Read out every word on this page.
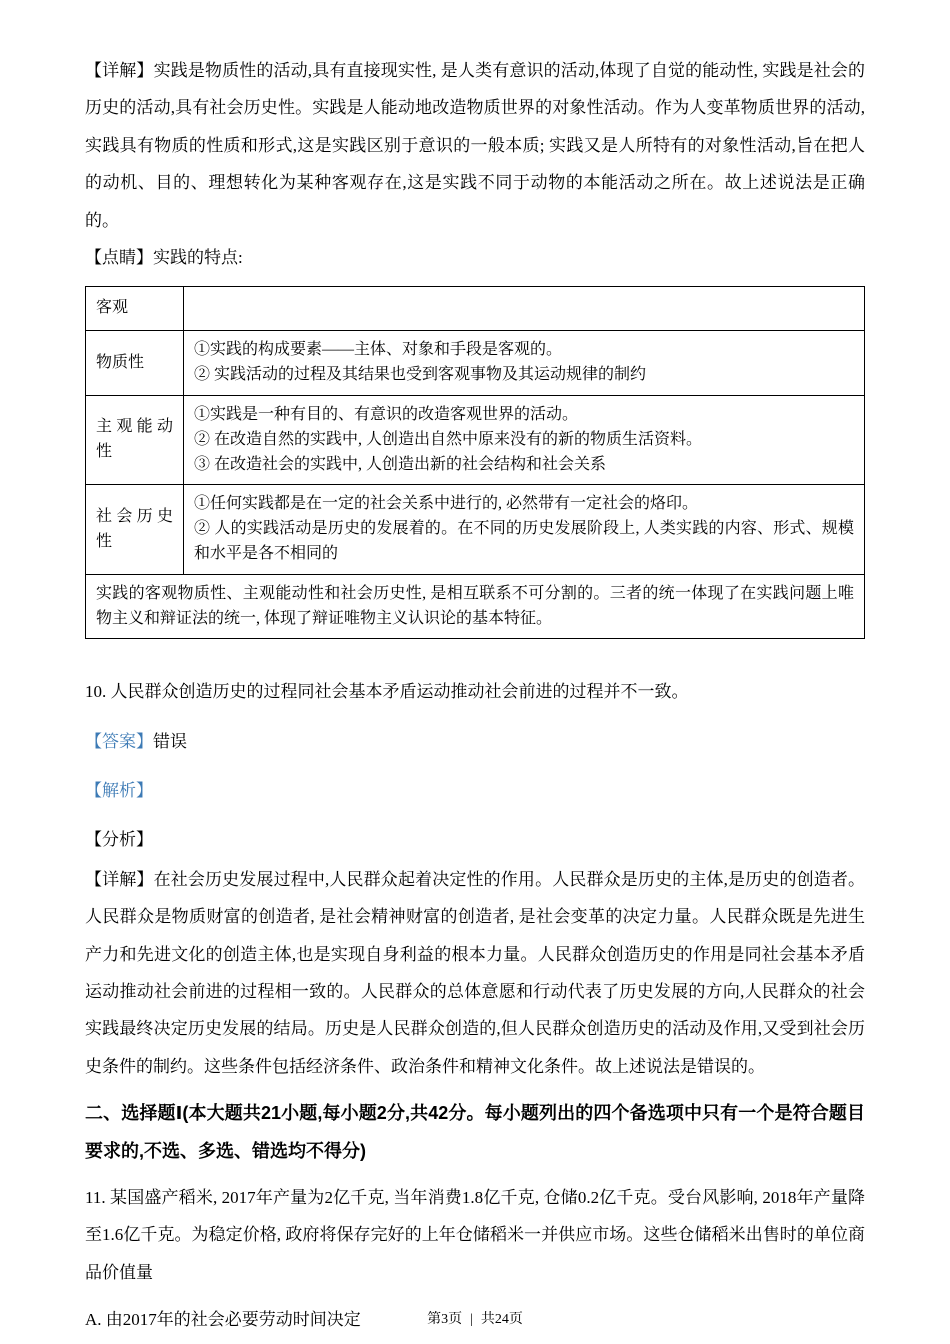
【详解】实践是物质性的活动,具有直接现实性, 是人类有意识的活动,体现了自觉的能动性, 实践是社会的历史的活动,具有社会历史性。实践是人能动地改造物质世界的对象性活动。作为人变革物质世界的活动,实践具有物质的性质和形式,这是实践区别于意识的一般本质; 实践又是人所特有的对象性活动,旨在把人的动机、目的、理想转化为某种客观存在,这是实践不同于动物的本能活动之所在。故上述说法是正确的。

【点睛】实践的特点:

客观	

物质性	①实践的构成要素——主体、对象和手段是客观的。
② 实践活动的过程及其结果也受到客观事物及其运动规律的制约

主观能动性	①实践是一种有目的、有意识的改造客观世界的活动。
② 在改造自然的实践中, 人创造出自然中原来没有的新的物质生活资料。
③ 在改造社会的实践中, 人创造出新的社会结构和社会关系

社会历史性	①任何实践都是在一定的社会关系中进行的, 必然带有一定社会的烙印。
② 人的实践活动是历史的发展着的。在不同的历史发展阶段上, 人类实践的内容、形式、规模和水平是各不相同的

实践的客观物质性、主观能动性和社会历史性, 是相互联系不可分割的。三者的统一体现了在实践问题上唯物主义和辩证法的统一, 体现了辩证唯物主义认识论的基本特征。	

10. 人民群众创造历史的过程同社会基本矛盾运动推动社会前进的过程并不一致。

【答案】错误

【解析】

【分析】

【详解】在社会历史发展过程中,人民群众起着决定性的作用。人民群众是历史的主体,是历史的创造者。人民群众是物质财富的创造者, 是社会精神财富的创造者, 是社会变革的决定力量。人民群众既是先进生产力和先进文化的创造主体,也是实现自身利益的根本力量。人民群众创造历史的作用是同社会基本矛盾运动推动社会前进的过程相一致的。人民群众的总体意愿和行动代表了历史发展的方向,人民群众的社会实践最终决定历史发展的结局。历史是人民群众创造的,但人民群众创造历史的活动及作用,又受到社会历史条件的制约。这些条件包括经济条件、政治条件和精神文化条件。故上述说法是错误的。

二、选择题Ⅰ(本大题共21小题,每小题2分,共42分。每小题列出的四个备选项中只有一个是符合题目要求的,不选、多选、错选均不得分)

11. 某国盛产稻米, 2017年产量为2亿千克, 当年消费1.8亿千克, 仓储0.2亿千克。受台风影响, 2018年产量降至1.6亿千克。为稳定价格, 政府将保存完好的上年仓储稻米一并供应市场。这些仓储稻米出售时的单位商品价值量

A. 由2017年的社会必要劳动时间决定	第3页 | 共24页
